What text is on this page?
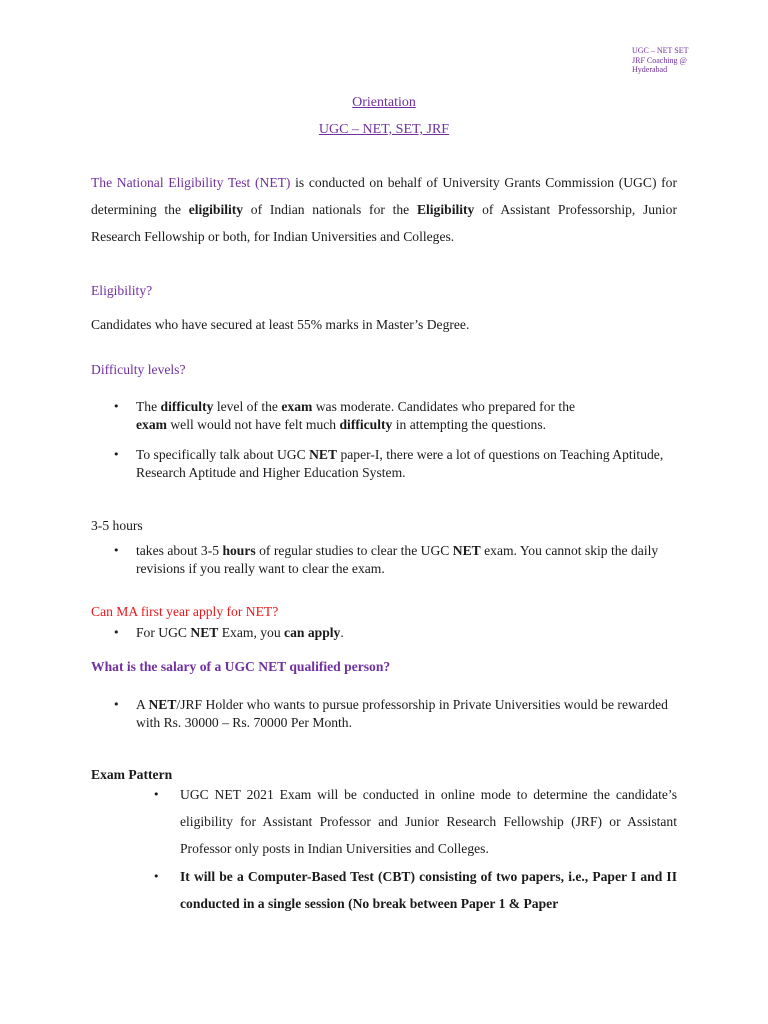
UGC – NET SET JRF Coaching @ Hyderabad
Orientation
UGC – NET, SET, JRF
The National Eligibility Test (NET) is conducted on behalf of University Grants Commission (UGC) for determining the eligibility of Indian nationals for the Eligibility of Assistant Professorship, Junior Research Fellowship or both, for Indian Universities and Colleges.
Eligibility?
Candidates who have secured at least 55% marks in Master’s Degree.
Difficulty levels?
• The difficulty level of the exam was moderate. Candidates who prepared for the exam well would not have felt much difficulty in attempting the questions.
• To specifically talk about UGC NET paper-I, there were a lot of questions on Teaching Aptitude, Research Aptitude and Higher Education System.
3-5 hours
• takes about 3-5 hours of regular studies to clear the UGC NET exam. You cannot skip the daily revisions if you really want to clear the exam.
Can MA first year apply for NET?
• For UGC NET Exam, you can apply.
What is the salary of a UGC NET qualified person?
• A NET/JRF Holder who wants to pursue professorship in Private Universities would be rewarded with Rs. 30000 – Rs. 70000 Per Month.
Exam Pattern
• UGC NET 2021 Exam will be conducted in online mode to determine the candidate’s eligibility for Assistant Professor and Junior Research Fellowship (JRF) or Assistant Professor only posts in Indian Universities and Colleges.
• It will be a Computer-Based Test (CBT) consisting of two papers, i.e., Paper I and II conducted in a single session (No break between Paper 1 & Paper
